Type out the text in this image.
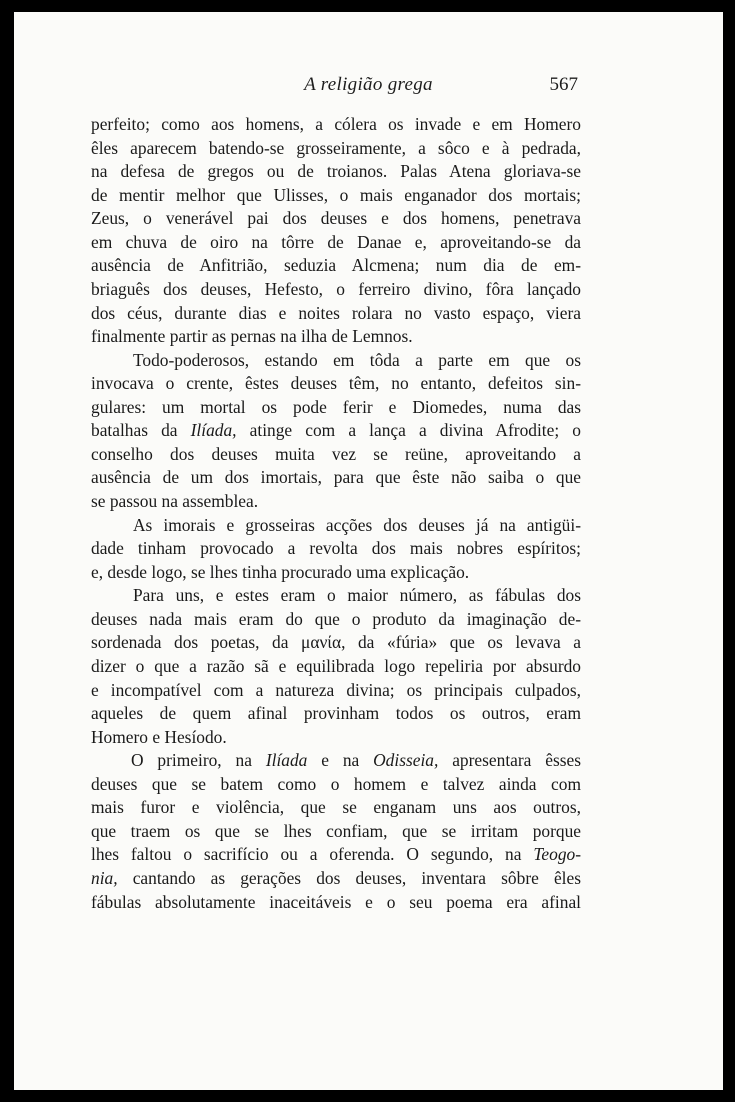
A religião grega	567
perfeito; como aos homens, a cólera os invade e em Homero
êles aparecem batendo-se grosseiramente, a sôco e à pedrada,
na defesa de gregos ou de troianos. Palas Atena gloriava-se
de mentir melhor que Ulisses, o mais enganador dos mortais;
Zeus, o venerável pai dos deuses e dos homens, penetrava
em chuva de oiro na tôrre de Danae e, aproveitando-se da
ausência de Anfitrião, seduzia Alcmena; num dia de em-
briaguês dos deuses, Hefesto, o ferreiro divino, fôra lançado
dos céus, durante dias e noites rolara no vasto espaço, viera
finalmente partir as pernas na ilha de Lemnos.
Todo-poderosos, estando em tôda a parte em que os
invocava o crente, êstes deuses têm, no entanto, defeitos sin-
gulares: um mortal os pode ferir e Diomedes, numa das
batalhas da Ilíada, atinge com a lança a divina Afrodite; o
conselho dos deuses muita vez se reüne, aproveitando a
ausência de um dos imortais, para que êste não saiba o que
se passou na assemblea.
As imorais e grosseiras acções dos deuses já na antigüi-
dade tinham provocado a revolta dos mais nobres espíritos;
e, desde logo, se lhes tinha procurado uma explicação.
Para uns, e estes eram o maior número, as fábulas dos
deuses nada mais eram do que o produto da imaginação de-
sordenada dos poetas, da μανία, da «fúria» que os levava a
dizer o que a razão sã e equilibrada logo repeliria por absurdo
e incompatível com a natureza divina; os principais culpados,
aqueles de quem afinal provinham todos os outros, eram
Homero e Hesíodo.
O primeiro, na Ilíada e na Odisseia, apresentara êsses
deuses que se batem como o homem e talvez ainda com
mais furor e violência, que se enganam uns aos outros,
que traem os que se lhes confiam, que se irritam porque
lhes faltou o sacrifício ou a oferenda. O segundo, na Teogo-
nia, cantando as gerações dos deuses, inventara sôbre êles
fábulas absolutamente inaceitáveis e o seu poema era afinal
